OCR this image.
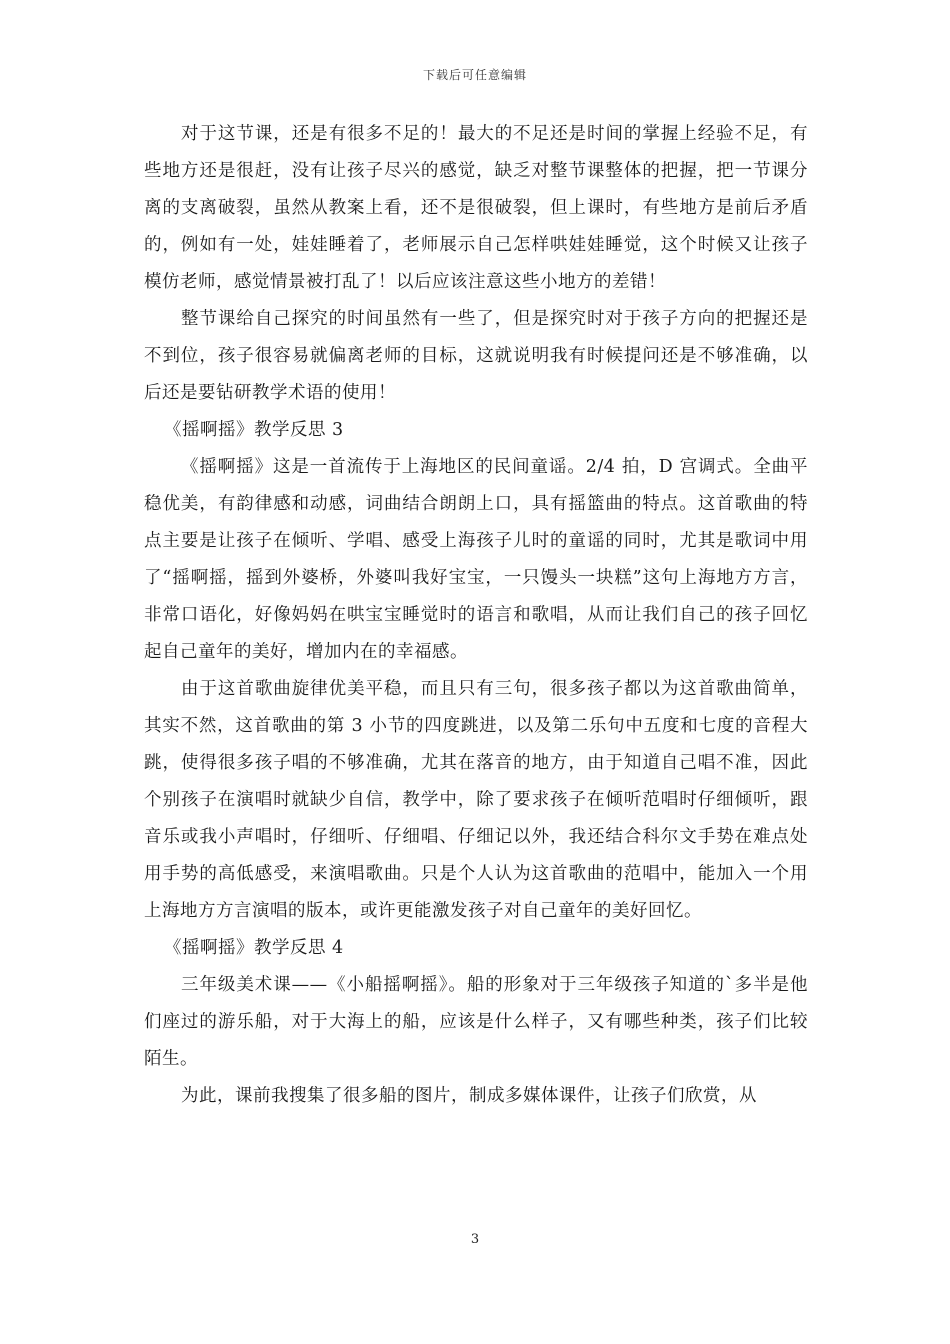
下载后可任意编辑

对于这节课，还是有很多不足的！最大的不足还是时间的掌握上经验不足，有些地方还是很赶，没有让孩子尽兴的感觉，缺乏对整节课整体的把握，把一节课分离的支离破裂，虽然从教案上看，还不是很破裂，但上课时，有些地方是前后矛盾的，例如有一处，娃娃睡着了，老师展示自己怎样哄娃娃睡觉，这个时候又让孩子模仿老师，感觉情景被打乱了！以后应该注意这些小地方的差错！

整节课给自己探究的时间虽然有一些了，但是探究时对于孩子方向的把握还是不到位，孩子很容易就偏离老师的目标，这就说明我有时候提问还是不够准确，以后还是要钻研教学术语的使用！

《摇啊摇》教学反思 3

《摇啊摇》这是一首流传于上海地区的民间童谣。2/4 拍，D 宫调式。全曲平稳优美，有韵律感和动感，词曲结合朗朗上口，具有摇篮曲的特点。这首歌曲的特点主要是让孩子在倾听、学唱、感受上海孩子儿时的童谣的同时，尤其是歌词中用了“摇啊摇，摇到外婆桥，外婆叫我好宝宝，一只馒头一块糕”这句上海地方方言，非常口语化，好像妈妈在哄宝宝睡觉时的语言和歌唱，从而让我们自己的孩子回忆起自己童年的美好，增加内在的幸福感。

由于这首歌曲旋律优美平稳，而且只有三句，很多孩子都以为这首歌曲简单，其实不然，这首歌曲的第 3 小节的四度跳进，以及第二乐句中五度和七度的音程大跳，使得很多孩子唱的不够准确，尤其在落音的地方，由于知道自己唱不准，因此个别孩子在演唱时就缺少自信，教学中，除了要求孩子在倾听范唱时仔细倾听，跟音乐或我小声唱时，仔细听、仔细唱、仔细记以外，我还结合科尔文手势在难点处用手势的高低感受，来演唱歌曲。只是个人认为这首歌曲的范唱中，能加入一个用上海地方方言演唱的版本，或许更能激发孩子对自己童年的美好回忆。

《摇啊摇》教学反思 4

三年级美术课——《小船摇啊摇》。船的形象对于三年级孩子知道的`多半是他们座过的游乐船，对于大海上的船，应该是什么样子，又有哪些种类，孩子们比较陌生。

为此，课前我搜集了很多船的图片，制成多媒体课件，让孩子们欣赏，从

3
